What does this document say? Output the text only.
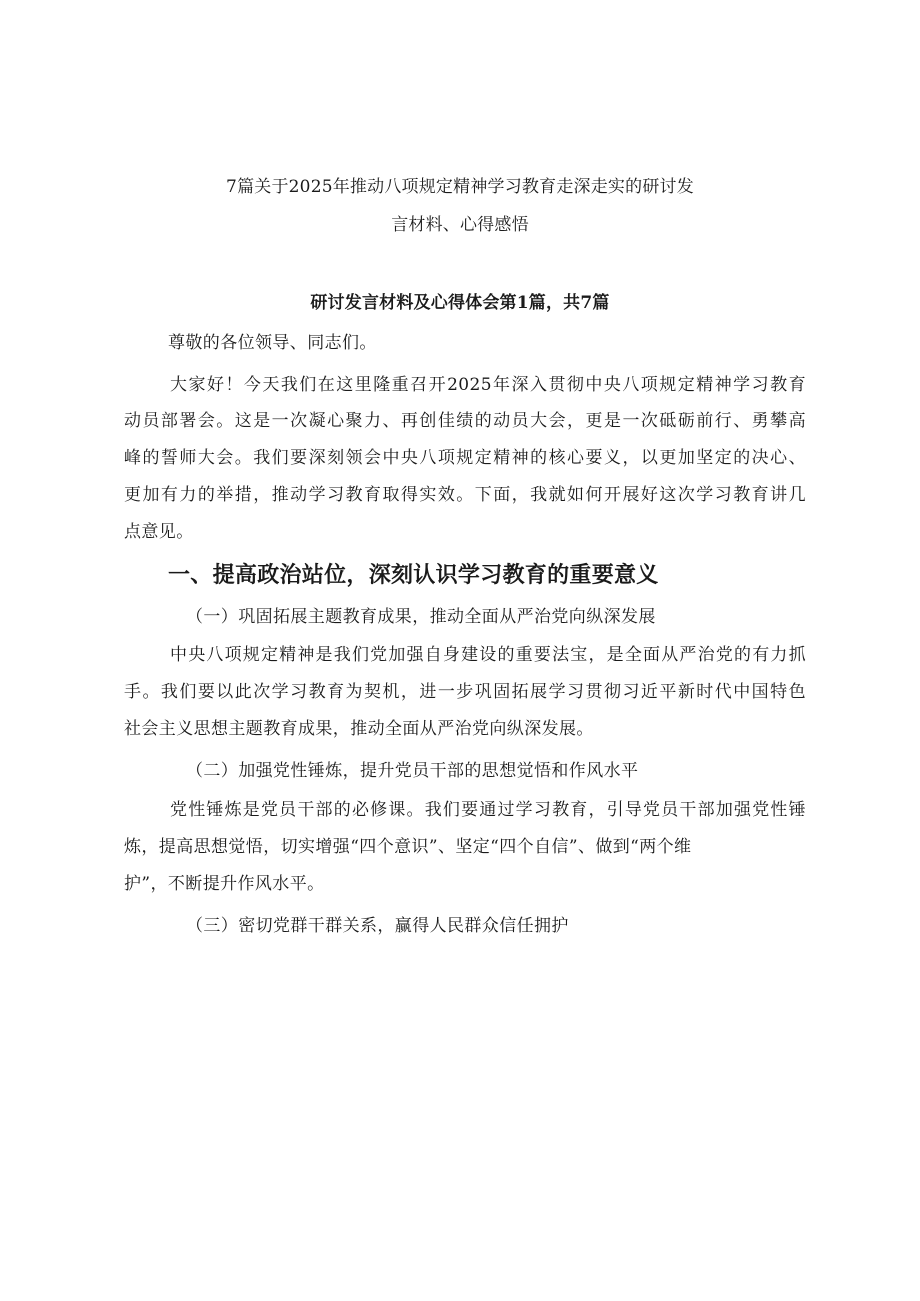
7篇关于2025年推动八项规定精神学习教育走深走实的研讨发

言材料、心得感悟

研讨发言材料及心得体会第1篇，共7篇

尊敬的各位领导、同志们。

大家好！今天我们在这里隆重召开2025年深入贯彻中央八项规定精神学习教育

动员部署会。这是一次凝心聚力、再创佳绩的动员大会，更是一次砥砺前行、勇攀高

峰的誓师大会。我们要深刻领会中央八项规定精神的核心要义，以更加坚定的决心、

更加有力的举措，推动学习教育取得实效。下面，我就如何开展好这次学习教育讲几

点意见。

一、提高政治站位，深刻认识学习教育的重要意义

（一）巩固拓展主题教育成果，推动全面从严治党向纵深发展

中央八项规定精神是我们党加强自身建设的重要法宝，是全面从严治党的有力抓

手。我们要以此次学习教育为契机，进一步巩固拓展学习贯彻习近平新时代中国特色

社会主义思想主题教育成果，推动全面从严治党向纵深发展。

（二）加强党性锤炼，提升党员干部的思想觉悟和作风水平

党性锤炼是党员干部的必修课。我们要通过学习教育，引导党员干部加强党性锤

炼，提高思想觉悟，切实增强“四个意识”、坚定“四个自信”、做到“两个维

护”，不断提升作风水平。

（三）密切党群干群关系，赢得人民群众信任拥护
